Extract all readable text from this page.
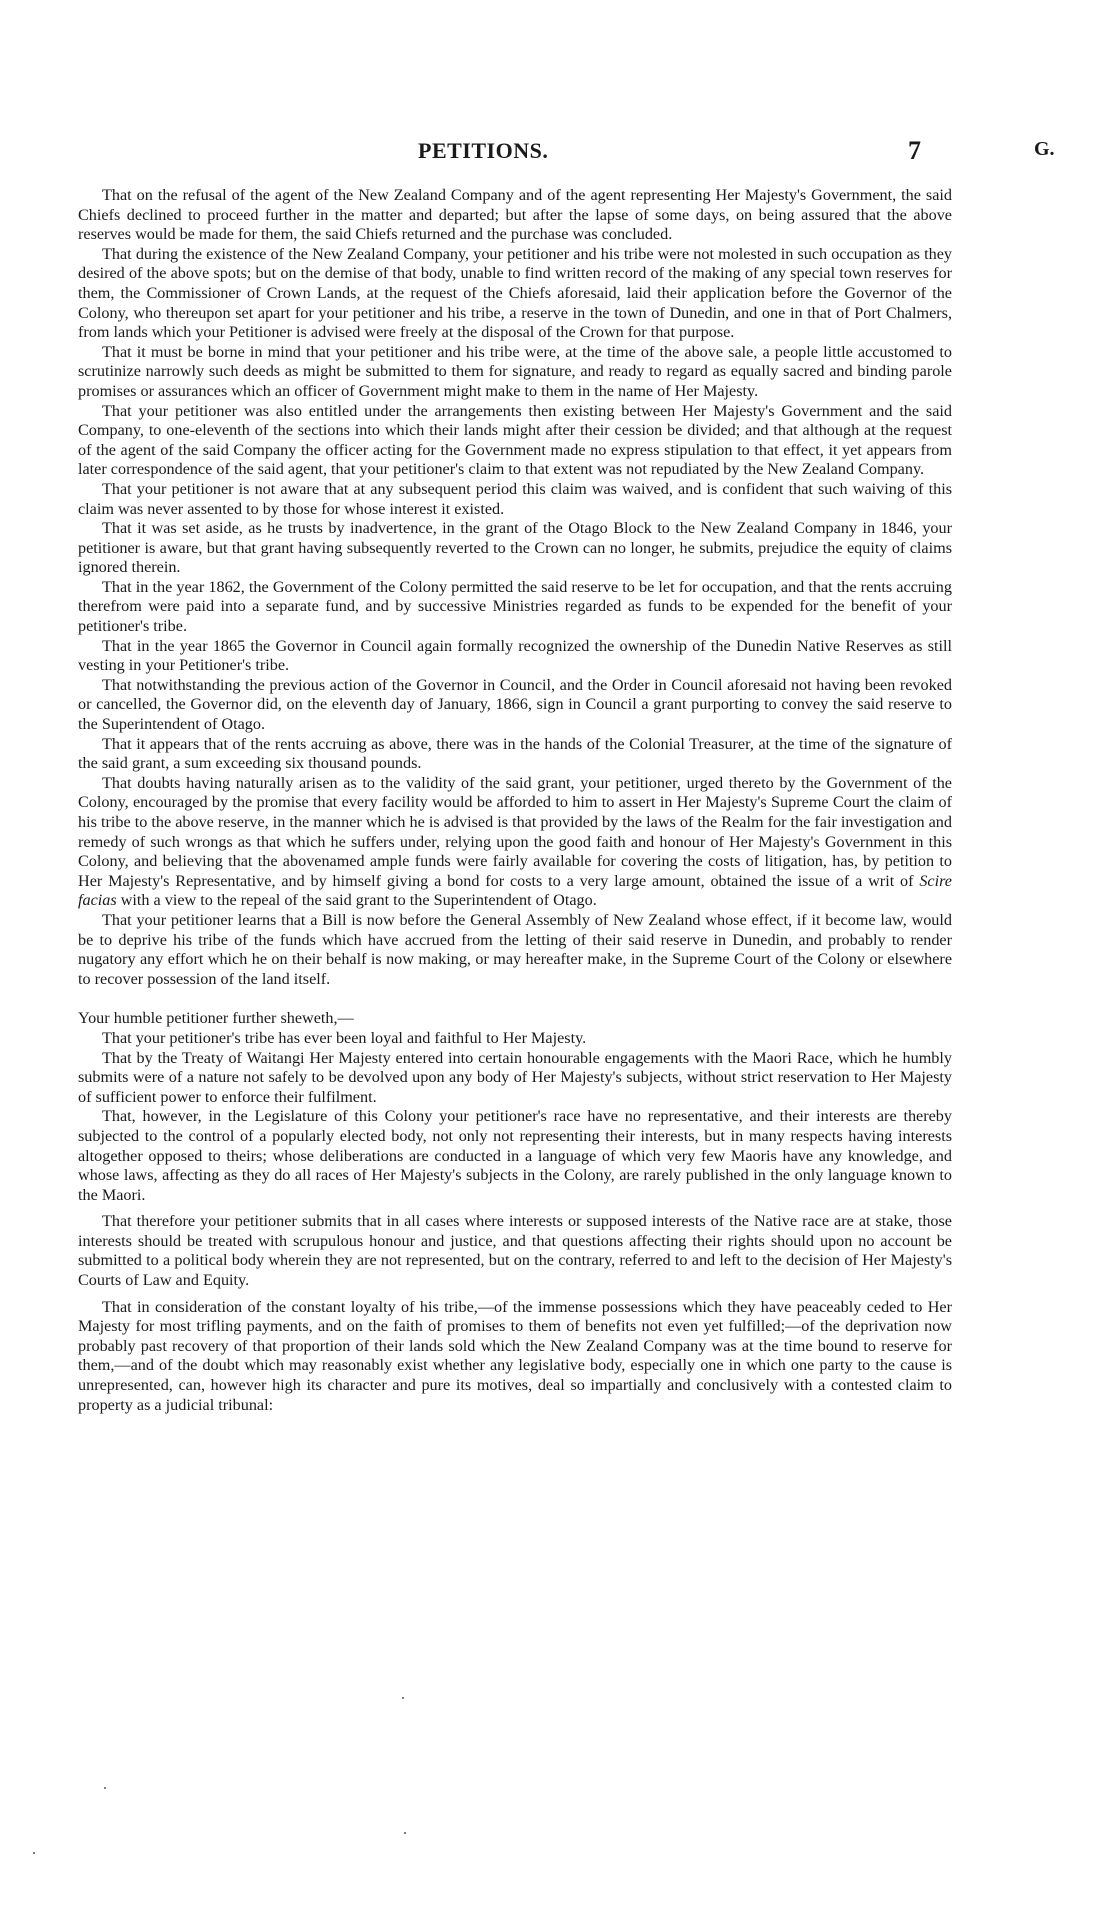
PETITIONS.	7	G.

That on the refusal of the agent of the New Zealand Company and of the agent representing Her Majesty's Government, the said Chiefs declined to proceed further in the matter and departed; but after the lapse of some days, on being assured that the above reserves would be made for them, the said Chiefs returned and the purchase was concluded.

That during the existence of the New Zealand Company, your petitioner and his tribe were not molested in such occupation as they desired of the above spots; but on the demise of that body, unable to find written record of the making of any special town reserves for them, the Commissioner of Crown Lands, at the request of the Chiefs aforesaid, laid their application before the Governor of the Colony, who thereupon set apart for your petitioner and his tribe, a reserve in the town of Dunedin, and one in that of Port Chalmers, from lands which your Petitioner is advised were freely at the disposal of the Crown for that purpose.

That it must be borne in mind that your petitioner and his tribe were, at the time of the above sale, a people little accustomed to scrutinize narrowly such deeds as might be submitted to them for signature, and ready to regard as equally sacred and binding parole promises or assurances which an officer of Government might make to them in the name of Her Majesty.

That your petitioner was also entitled under the arrangements then existing between Her Majesty's Government and the said Company, to one-eleventh of the sections into which their lands might after their cession be divided; and that although at the request of the agent of the said Company the officer acting for the Government made no express stipulation to that effect, it yet appears from later correspondence of the said agent, that your petitioner's claim to that extent was not repudiated by the New Zealand Company.

That your petitioner is not aware that at any subsequent period this claim was waived, and is confident that such waiving of this claim was never assented to by those for whose interest it existed.

That it was set aside, as he trusts by inadvertence, in the grant of the Otago Block to the New Zealand Company in 1846, your petitioner is aware, but that grant having subsequently reverted to the Crown can no longer, he submits, prejudice the equity of claims ignored therein.

That in the year 1862, the Government of the Colony permitted the said reserve to be let for occupation, and that the rents accruing therefrom were paid into a separate fund, and by successive Ministries regarded as funds to be expended for the benefit of your petitioner's tribe.

That in the year 1865 the Governor in Council again formally recognized the ownership of the Dunedin Native Reserves as still vesting in your Petitioner's tribe.

That notwithstanding the previous action of the Governor in Council, and the Order in Council aforesaid not having been revoked or cancelled, the Governor did, on the eleventh day of January, 1866, sign in Council a grant purporting to convey the said reserve to the Superintendent of Otago.

That it appears that of the rents accruing as above, there was in the hands of the Colonial Treasurer, at the time of the signature of the said grant, a sum exceeding six thousand pounds.

That doubts having naturally arisen as to the validity of the said grant, your petitioner, urged thereto by the Government of the Colony, encouraged by the promise that every facility would be afforded to him to assert in Her Majesty's Supreme Court the claim of his tribe to the above reserve, in the manner which he is advised is that provided by the laws of the Realm for the fair investigation and remedy of such wrongs as that which he suffers under, relying upon the good faith and honour of Her Majesty's Government in this Colony, and believing that the abovenamed ample funds were fairly available for covering the costs of litigation, has, by petition to Her Majesty's Representative, and by himself giving a bond for costs to a very large amount, obtained the issue of a writ of Scire facias with a view to the repeal of the said grant to the Superintendent of Otago.

That your petitioner learns that a Bill is now before the General Assembly of New Zealand whose effect, if it become law, would be to deprive his tribe of the funds which have accrued from the letting of their said reserve in Dunedin, and probably to render nugatory any effort which he on their behalf is now making, or may hereafter make, in the Supreme Court of the Colony or elsewhere to recover possession of the land itself.

Your humble petitioner further sheweth,—

That your petitioner's tribe has ever been loyal and faithful to Her Majesty.

That by the Treaty of Waitangi Her Majesty entered into certain honourable engagements with the Maori Race, which he humbly submits were of a nature not safely to be devolved upon any body of Her Majesty's subjects, without strict reservation to Her Majesty of sufficient power to enforce their fulfilment.

That, however, in the Legislature of this Colony your petitioner's race have no representative, and their interests are thereby subjected to the control of a popularly elected body, not only not representing their interests, but in many respects having interests altogether opposed to theirs; whose deliberations are conducted in a language of which very few Maoris have any knowledge, and whose laws, affecting as they do all races of Her Majesty's subjects in the Colony, are rarely published in the only language known to the Maori.

That therefore your petitioner submits that in all cases where interests or supposed interests of the Native race are at stake, those interests should be treated with scrupulous honour and justice, and that questions affecting their rights should upon no account be submitted to a political body wherein they are not represented, but on the contrary, referred to and left to the decision of Her Majesty's Courts of Law and Equity.

That in consideration of the constant loyalty of his tribe,—of the immense possessions which they have peaceably ceded to Her Majesty for most trifling payments, and on the faith of promises to them of benefits not even yet fulfilled;—of the deprivation now probably past recovery of that proportion of their lands sold which the New Zealand Company was at the time bound to reserve for them,—and of the doubt which may reasonably exist whether any legislative body, especially one in which one party to the cause is unrepresented, can, however high its character and pure its motives, deal so impartially and conclusively with a contested claim to property as a judicial tribunal:
